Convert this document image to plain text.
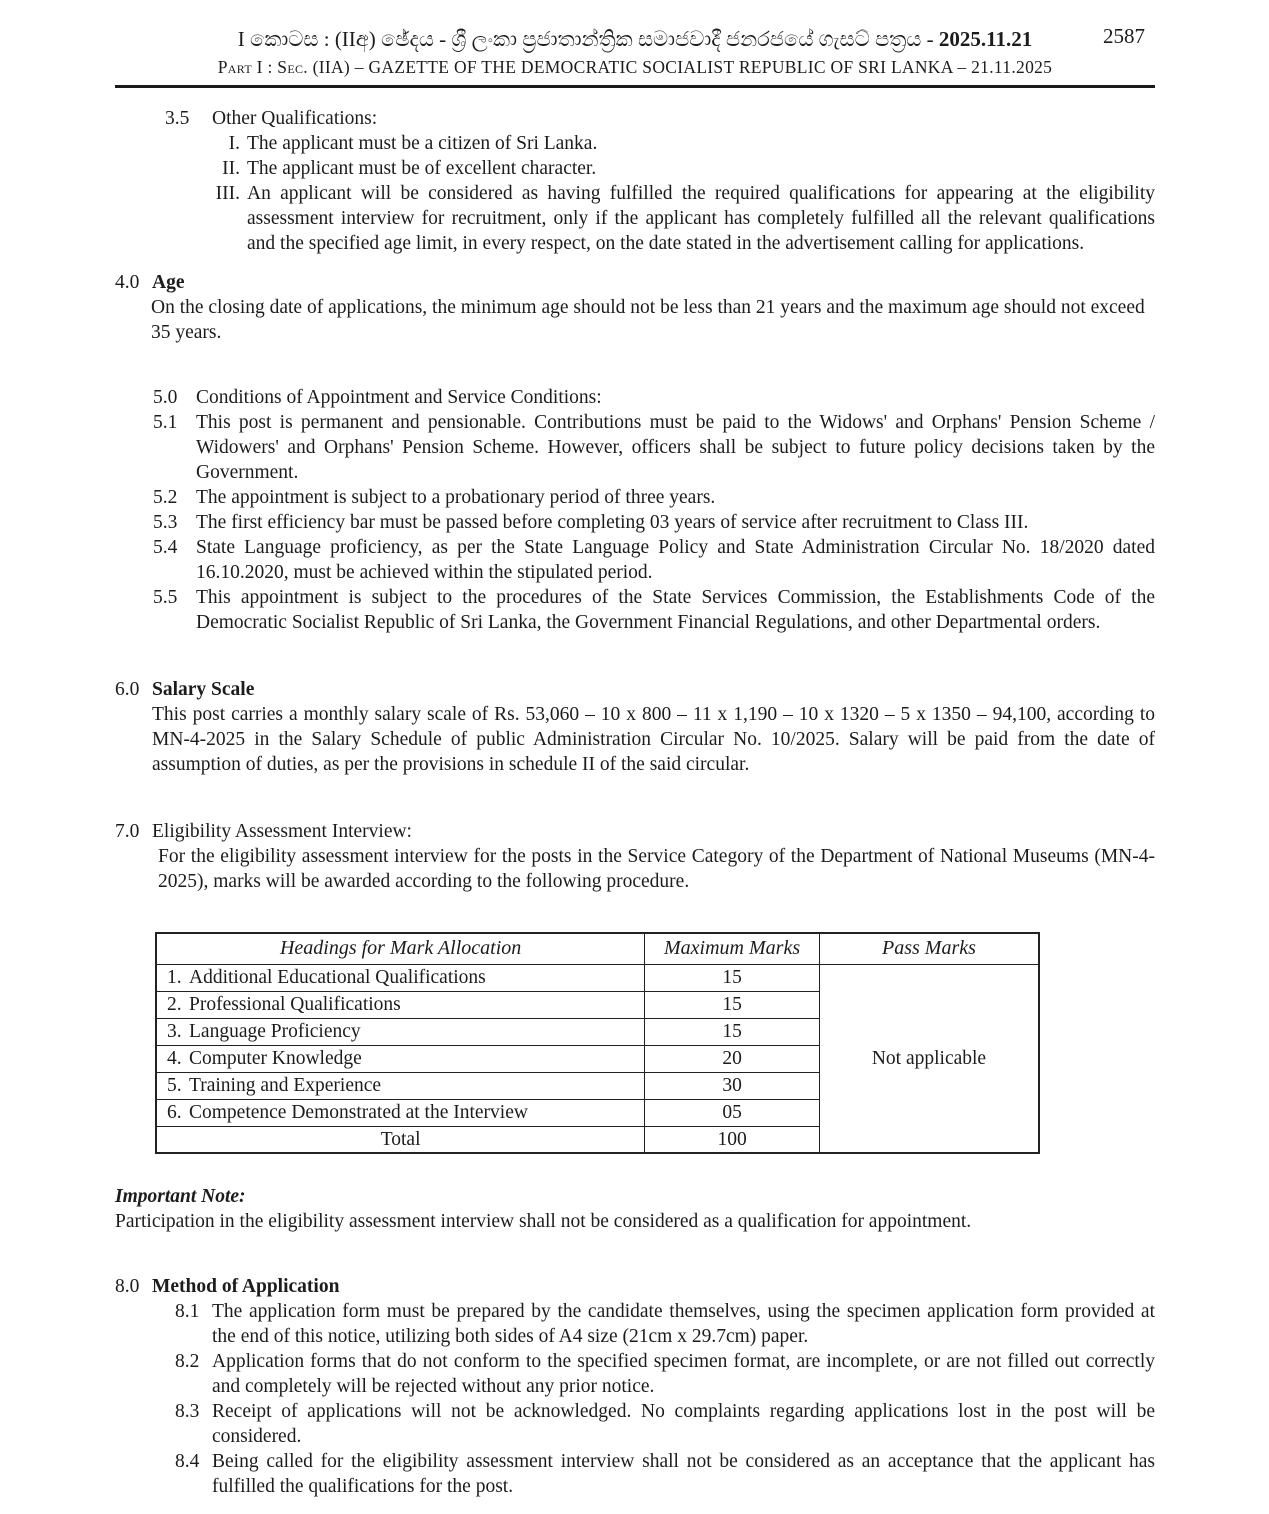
I කොටස : (IIඅ) ඡේදය - ශ්‍රී ලංකා ප්‍රජාතාන්ත්‍රික සමාජවාදී ජනරජයේ ගැසට් පත්‍රය - 2025.11.21
Part I : Sec. (IIA) – GAZETTE OF THE DEMOCRATIC SOCIALIST REPUBLIC OF SRI LANKA – 21.11.2025
2587
3.5	Other Qualifications:
I. The applicant must be a citizen of Sri Lanka.
II. The applicant must be of excellent character.
III. An applicant will be considered as having fulfilled the required qualifications for appearing at the eligibility assessment interview for recruitment, only if the applicant has completely fulfilled all the relevant qualifications and the specified age limit, in every respect, on the date stated in the advertisement calling for applications.
4.0 Age
On the closing date of applications, the minimum age should not be less than 21 years and the maximum age should not exceed 35 years.
5.0 Conditions of Appointment and Service Conditions:
5.1 This post is permanent and pensionable. Contributions must be paid to the Widows' and Orphans' Pension Scheme / Widowers' and Orphans' Pension Scheme. However, officers shall be subject to future policy decisions taken by the Government.
5.2 The appointment is subject to a probationary period of three years.
5.3 The first efficiency bar must be passed before completing 03 years of service after recruitment to Class III.
5.4 State Language proficiency, as per the State Language Policy and State Administration Circular No. 18/2020 dated 16.10.2020, must be achieved within the stipulated period.
5.5 This appointment is subject to the procedures of the State Services Commission, the Establishments Code of the Democratic Socialist Republic of Sri Lanka, the Government Financial Regulations, and other Departmental orders.
6.0 Salary Scale
This post carries a monthly salary scale of Rs. 53,060 – 10 x 800 – 11 x 1,190 – 10 x 1320 – 5 x 1350 – 94,100, according to MN-4-2025 in the Salary Schedule of public Administration Circular No. 10/2025. Salary will be paid from the date of assumption of duties, as per the provisions in schedule II of the said circular.
7.0 Eligibility Assessment Interview:
For the eligibility assessment interview for the posts in the Service Category of the Department of National Museums (MN-4-2025), marks will be awarded according to the following procedure.
Headings for Mark Allocation	Maximum Marks	Pass Marks
1. Additional Educational Qualifications	15	Not applicable
2. Professional Qualifications	15	
3. Language Proficiency	15	
4. Computer Knowledge	20	
5. Training and Experience	30	
6. Competence Demonstrated at the Interview	05	
Total	100	
Important Note:
Participation in the eligibility assessment interview shall not be considered as a qualification for appointment.
8.0 Method of Application
8.1 The application form must be prepared by the candidate themselves, using the specimen application form provided at the end of this notice, utilizing both sides of A4 size (21cm x 29.7cm) paper.
8.2 Application forms that do not conform to the specified specimen format, are incomplete, or are not filled out correctly and completely will be rejected without any prior notice.
8.3 Receipt of applications will not be acknowledged. No complaints regarding applications lost in the post will be considered.
8.4 Being called for the eligibility assessment interview shall not be considered as an acceptance that the applicant has fulfilled the qualifications for the post.
